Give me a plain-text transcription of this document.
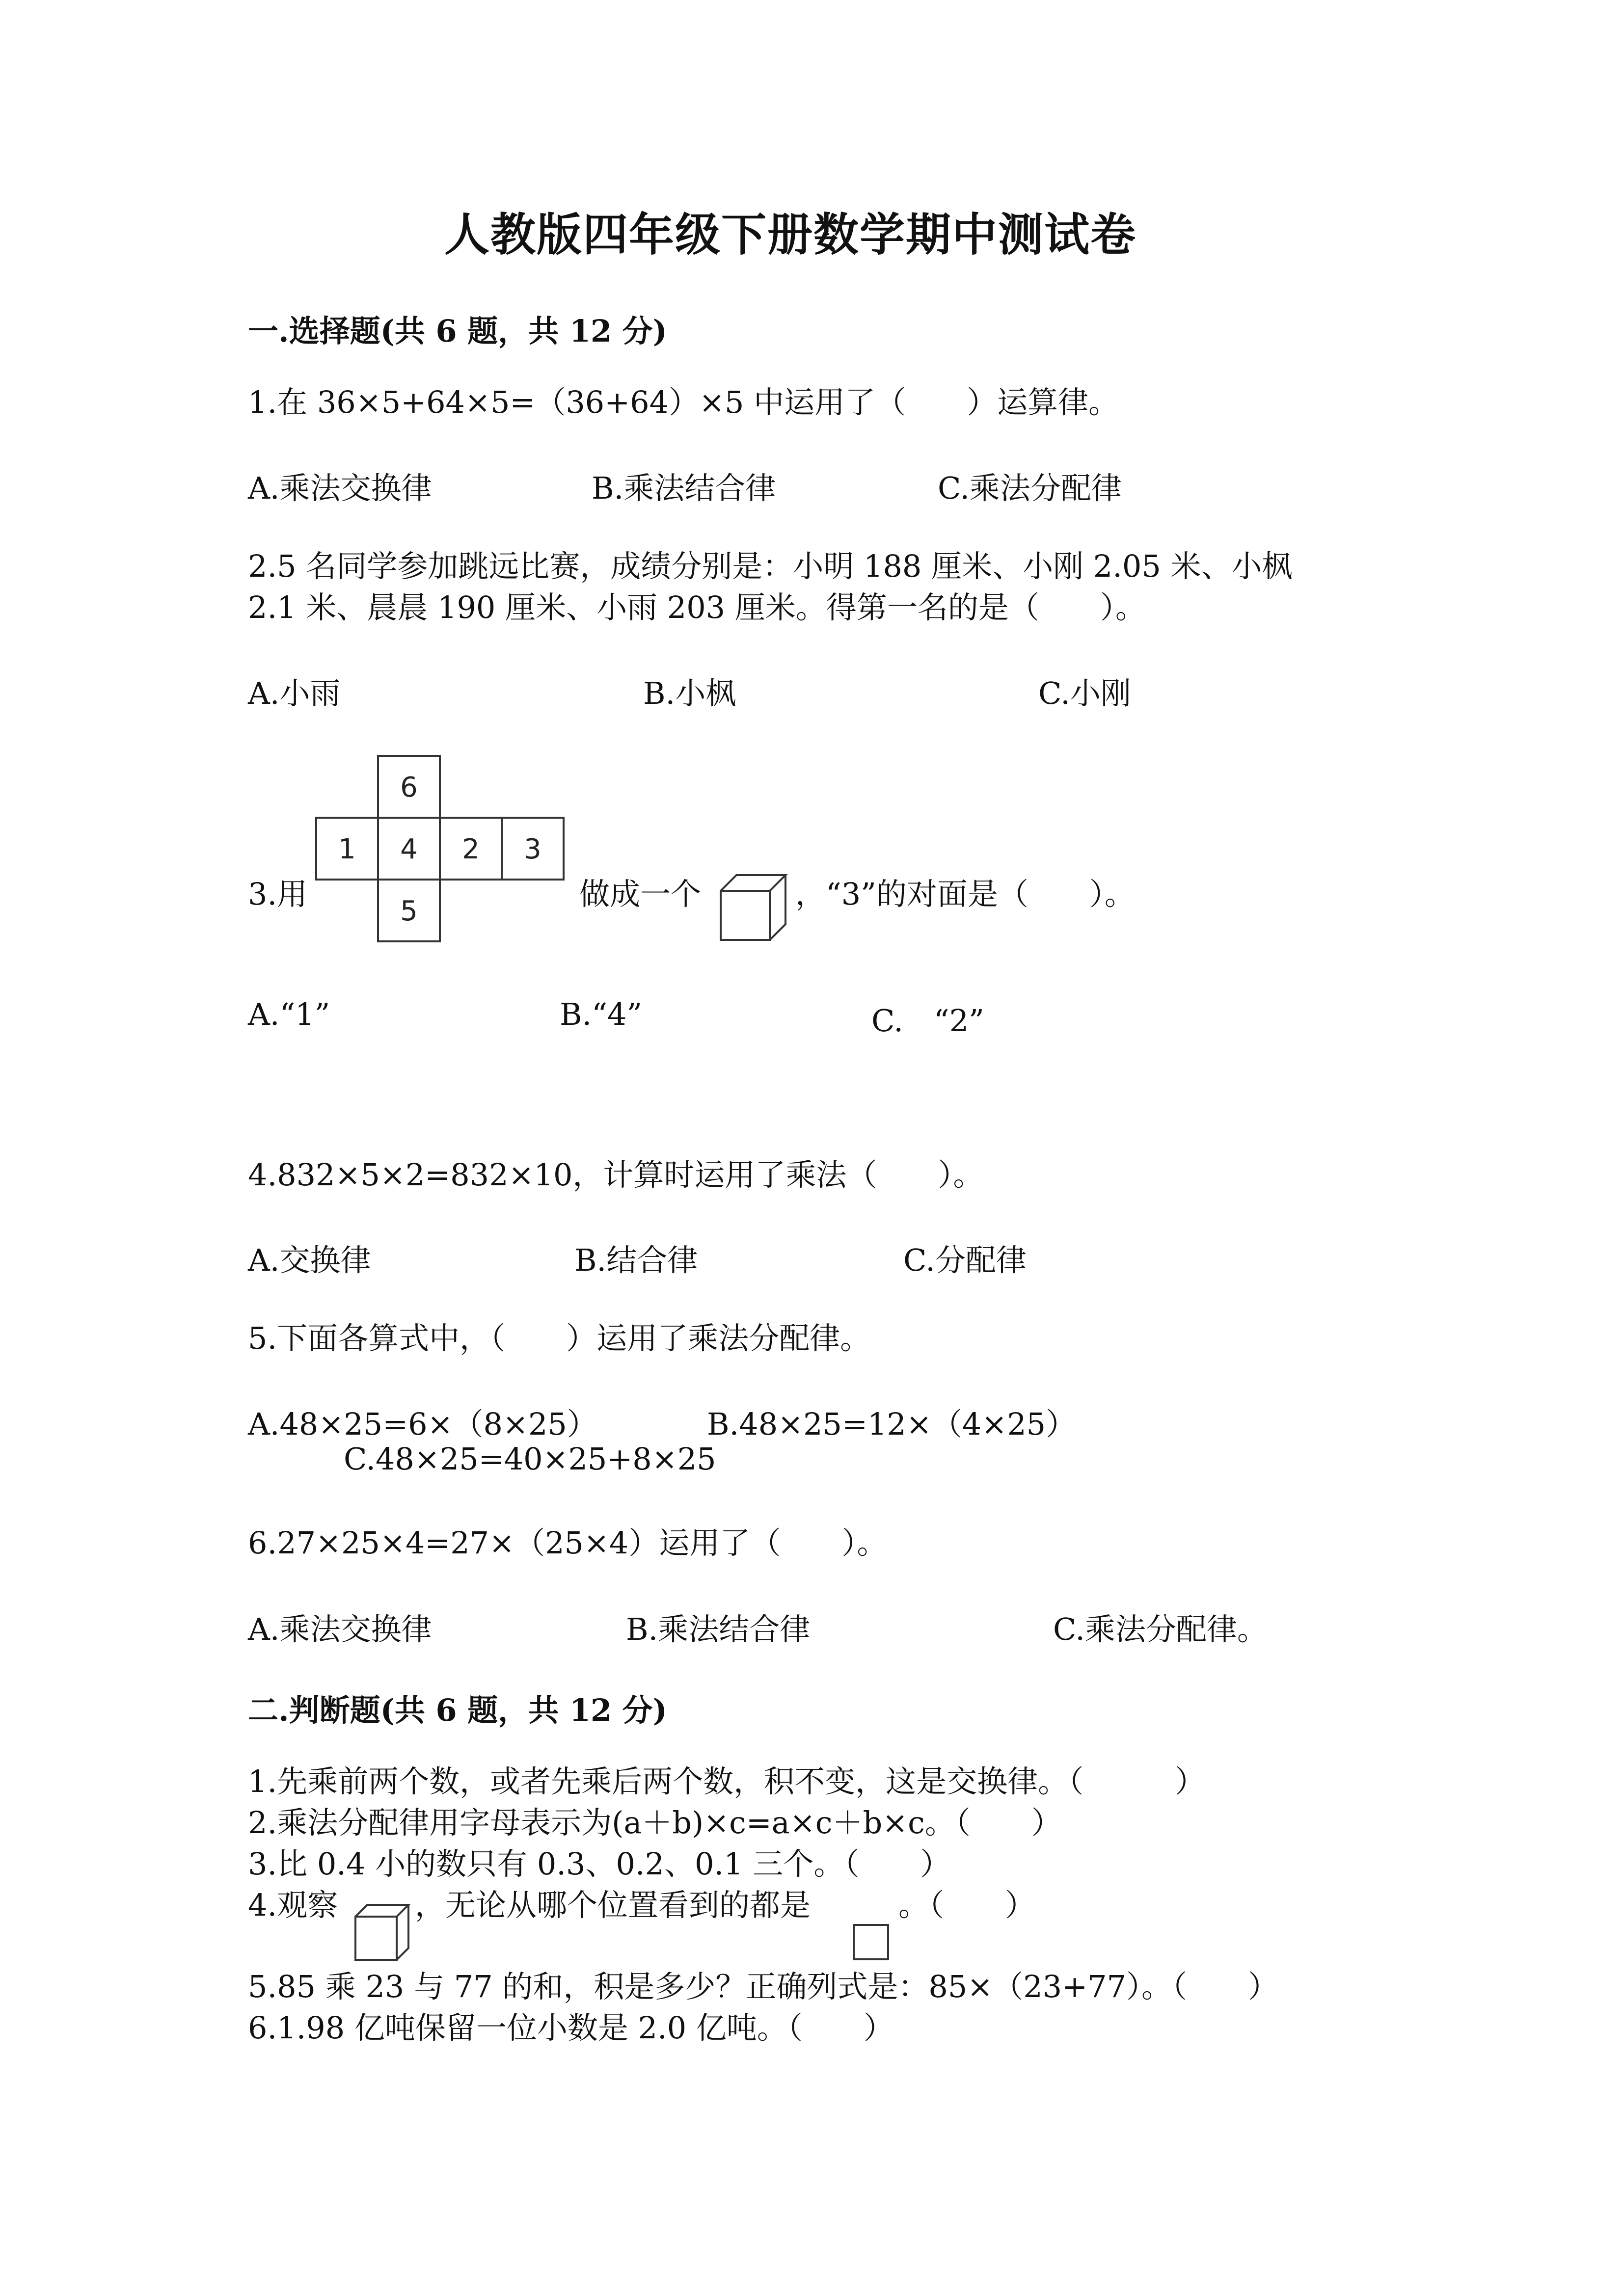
人教版四年级下册数学期中测试卷
一.选择题(共 6 题，共 12 分)
1.在 36×5+64×5=（36+64）×5 中运用了（　　）运算律。
A.乘法交换律	B.乘法结合律	C.乘法分配律
2.5 名同学参加跳远比赛，成绩分别是：小明 188 厘米、小刚 2.05 米、小枫
2.1 米、晨晨 190 厘米、小雨 203 厘米。得第一名的是（　　）。
A.小雨	B.小枫	C.小刚
3.用
6
1 4 2 3
5	做成一个	，“3”的对面是（　　）。
A.“1”	B.“4”	C.　“2”
4.832×5×2=832×10，计算时运用了乘法（　　）。
A.交换律	B.结合律	C.分配律
5.下面各算式中，（　　）运用了乘法分配律。
A.48×25=6×（8×25）	B.48×25=12×（4×25）
C.48×25=40×25+8×25
6.27×25×4=27×（25×4）运用了（　　）。
A.乘法交换律	B.乘法结合律	C.乘法分配律。
二.判断题(共 6 题，共 12 分)
1.先乘前两个数，或者先乘后两个数，积不变，这是交换律。（　　　）
2.乘法分配律用字母表示为(a＋b)×c=a×c＋b×c。（　　）
3.比 0.4 小的数只有 0.3、0.2、0.1 三个。（　　）
4.观察	，无论从哪个位置看到的都是	。（　　）
5.85 乘 23 与 77 的和，积是多少？正确列式是：85×（23+77）。（　　）
6.1.98 亿吨保留一位小数是 2.0 亿吨。（　　）
